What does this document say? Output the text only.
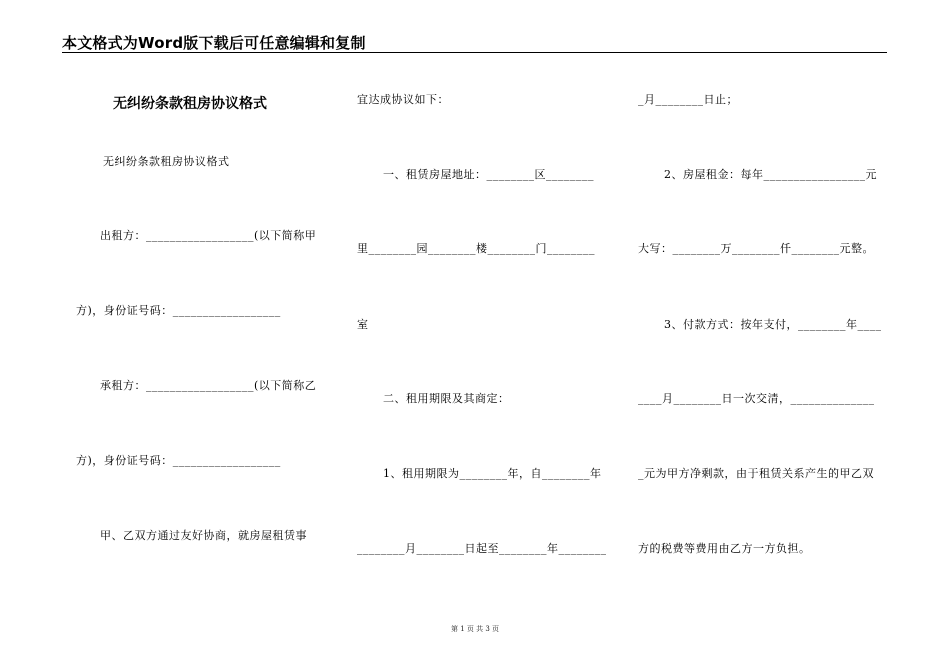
本文格式为Word版下载后可任意编辑和复制
无纠纷条款租房协议格式
无纠纷条款租房协议格式
出租方：__________________(以下简称甲
方)，身份证号码：__________________
承租方：__________________(以下简称乙
方)，身份证号码：__________________
甲、乙双方通过友好协商，就房屋租赁事
宜达成协议如下：
一、租赁房屋地址：________区________
里________园________楼________门________
室
二、租用期限及其商定：
1、租用期限为________年，自________年
________月________日起至________年________
_月________日止；
2、房屋租金：每年_________________元
大写：________万________仟________元整。
3、付款方式：按年支付，________年____
____月________日一次交清，______________
_元为甲方净剩款，由于租赁关系产生的甲乙双
方的税费等费用由乙方一方负担。
第 1 页 共 3 页
